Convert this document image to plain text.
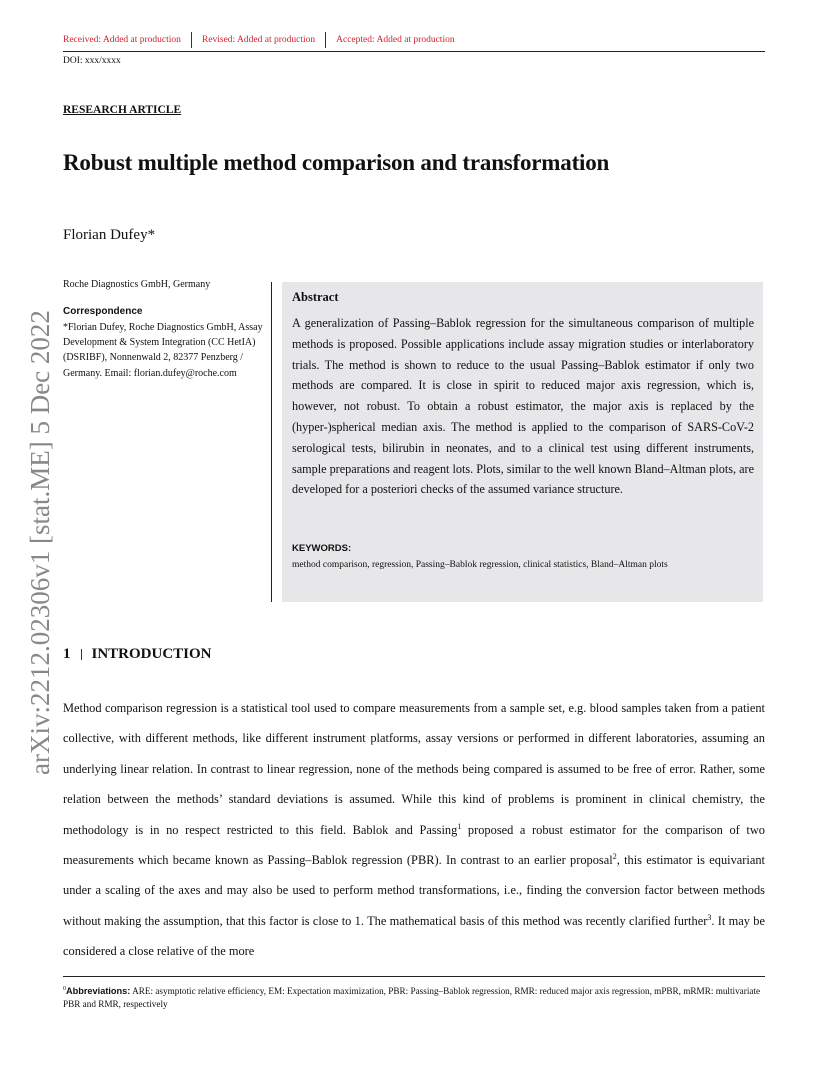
Received: Added at production Revised: Added at production Accepted: Added at production
DOI: xxx/xxxx
RESEARCH ARTICLE
Robust multiple method comparison and transformation
Florian Dufey*
arXiv:2212.02306v1 [stat.ME] 5 Dec 2022
Roche Diagnostics GmbH, Germany
Correspondence
*Florian Dufey, Roche Diagnostics GmbH, Assay Development & System Integration (CC HetIA) (DSRIBF), Nonnenwald 2, 82377 Penzberg / Germany. Email: florian.dufey@roche.com
Abstract
A generalization of Passing–Bablok regression for the simultaneous comparison of multiple methods is proposed. Possible applications include assay migration studies or interlaboratory trials. The method is shown to reduce to the usual Passing–Bablok estimator if only two methods are compared. It is close in spirit to reduced major axis regression, which is, however, not robust. To obtain a robust estimator, the major axis is replaced by the (hyper-)spherical median axis. The method is applied to the comparison of SARS-CoV-2 serological tests, bilirubin in neonates, and to a clinical test using different instruments, sample preparations and reagent lots. Plots, similar to the well known Bland–Altman plots, are developed for a posteriori checks of the assumed variance structure.
KEYWORDS:
method comparison, regression, Passing–Bablok regression, clinical statistics, Bland–Altman plots
1 INTRODUCTION
Method comparison regression is a statistical tool used to compare measurements from a sample set, e.g. blood samples taken from a patient collective, with different methods, like different instrument platforms, assay versions or performed in different laboratories, assuming an underlying linear relation. In contrast to linear regression, none of the methods being compared is assumed to be free of error. Rather, some relation between the methods’ standard deviations is assumed. While this kind of problems is prominent in clinical chemistry, the methodology is in no respect restricted to this field. Bablok and Passing$^1$ proposed a robust estimator for the comparison of two measurements which became known as Passing–Bablok regression (PBR). In contrast to an earlier proposal$^2$, this estimator is equivariant under a scaling of the axes and may also be used to perform method transformations, i.e., finding the conversion factor between methods without making the assumption, that this factor is close to 1. The mathematical basis of this method was recently clarified further$^3$. It may be considered a close relative of the more
$^0$Abbreviations: ARE: asymptotic relative efficiency, EM: Expectation maximization, PBR: Passing–Bablok regression, RMR: reduced major axis regression, mPBR, mRMR: multivariate PBR and RMR, respectively
